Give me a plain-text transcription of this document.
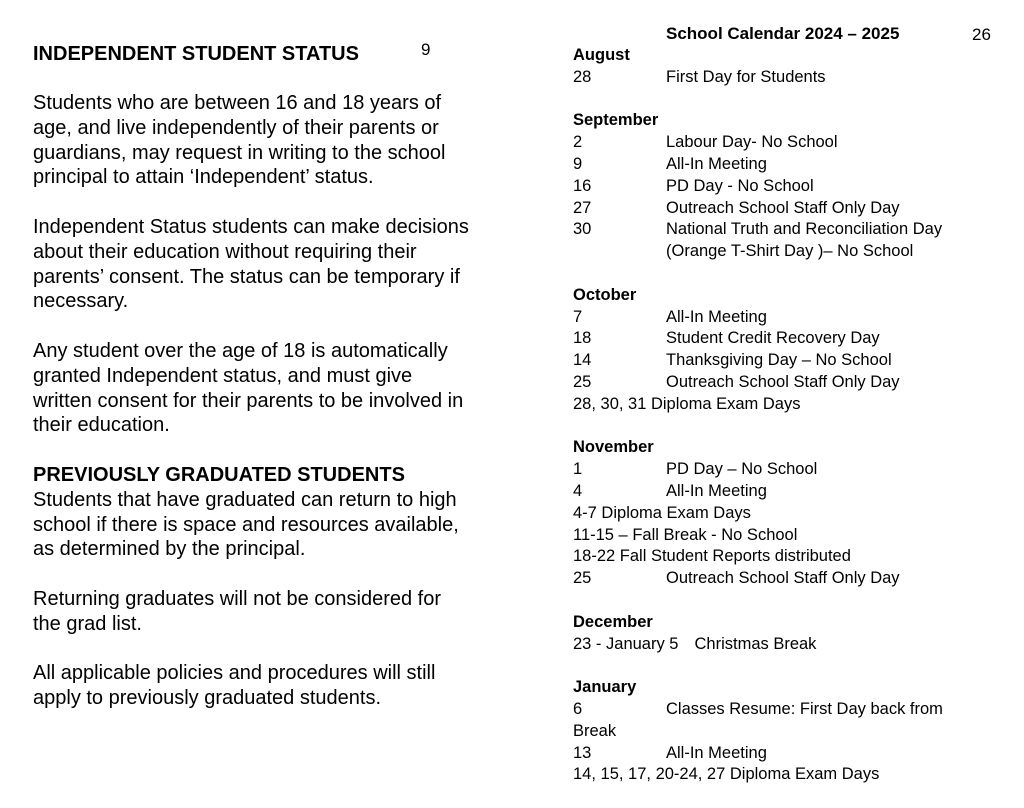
9
INDEPENDENT STUDENT STATUS

Students who are between 16 and 18 years of age, and live independently of their parents or guardians, may request in writing to the school principal to attain ‘Independent’ status.

Independent Status students can make decisions about their education without requiring their parents’ consent. The status can be temporary if necessary.

Any student over the age of 18 is automatically granted Independent status, and must give written consent for their parents to be involved in their education.

PREVIOUSLY GRADUATED STUDENTS
Students that have graduated can return to high school if there is space and resources available, as determined by the principal.

Returning graduates will not be considered for the grad list.

All applicable policies and procedures will still apply to previously graduated students.

School Calendar 2024 – 2025	26
August
28	First Day for Students
September
2	Labour Day- No School
9	All-In Meeting
16	PD Day - No School
27	Outreach School Staff Only Day
30	National Truth and Reconciliation Day
(Orange T-Shirt Day )– No School
October
7	All-In Meeting
18	Student Credit Recovery Day
14	Thanksgiving Day – No School
25	Outreach School Staff Only Day
28, 30, 31 Diploma Exam Days
November
1	PD Day – No School
4	All-In Meeting
4-7 Diploma Exam Days
11-15 – Fall Break - No School
18-22 Fall Student Reports distributed
25	Outreach School Staff Only Day
December
23 - January 5 Christmas Break
January
6	Classes Resume: First Day back from
Break
13	All-In Meeting
14, 15, 17, 20-24, 27 Diploma Exam Days
